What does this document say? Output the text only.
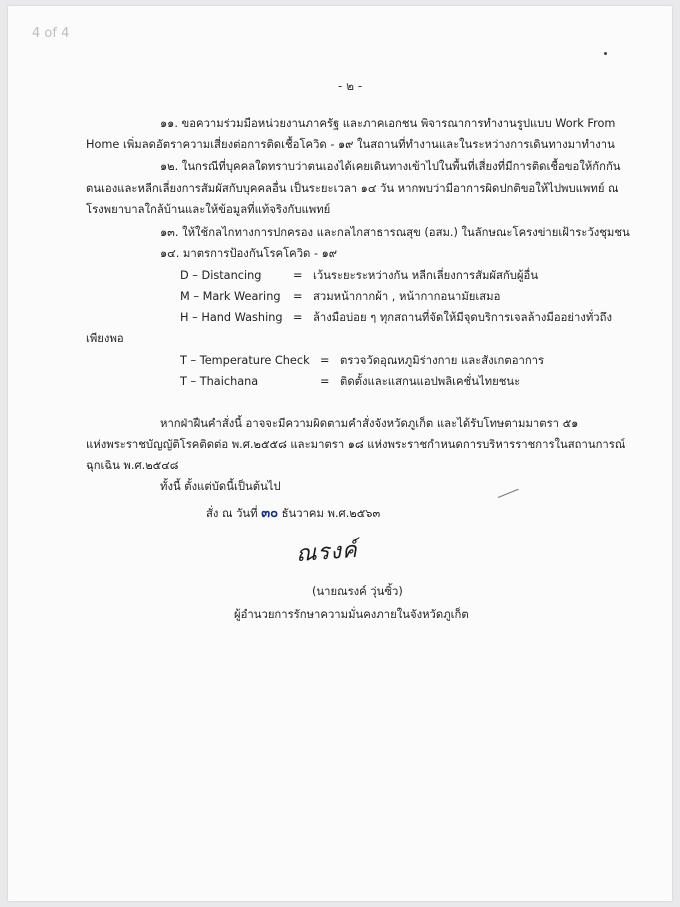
4 of 4
- ๒ -
๑๑. ขอความร่วมมือหน่วยงานภาครัฐ และภาคเอกชน พิจารณาการทำงานรูปแบบ Work From
Home เพิ่มลดอัตราความเสี่ยงต่อการติดเชื้อโควิด - ๑๙ ในสถานที่ทำงานและในระหว่างการเดินทางมาทำงาน
๑๒. ในกรณีที่บุคคลใดทราบว่าตนเองได้เคยเดินทางเข้าไปในพื้นที่เสี่ยงที่มีการติดเชื้อขอให้กักกัน
ตนเองและหลีกเลี่ยงการสัมผัสกับบุคคลอื่น เป็นระยะเวลา ๑๔ วัน หากพบว่ามีอาการผิดปกติขอให้ไปพบแพทย์ ณ
โรงพยาบาลใกล้บ้านและให้ข้อมูลที่แท้จริงกับแพทย์
๑๓. ให้ใช้กลไกทางการปกครอง และกลไกสาธารณสุข (อสม.) ในลักษณะโครงข่ายเฝ้าระวังชุมชน
๑๔. มาตรการป้องกันโรคโควิด - ๑๙
D – Distancing	= เว้นระยะระหว่างกัน หลีกเลี่ยงการสัมผัสกับผู้อื่น
M – Mark Wearing = สวมหน้ากากผ้า , หน้ากากอนามัยเสมอ
H – Hand Washing = ล้างมือบ่อย ๆ ทุกสถานที่จัดให้มีจุดบริการเจลล้างมืออย่างทั่วถึง
เพียงพอ
T – Temperature Check = ตรวจวัดอุณหภูมิร่างกาย และสังเกตอาการ
T – Thaichana	= ติดตั้งและแสกนแอปพลิเคชั่นไทยชนะ
หากฝ่าฝืนคำสั่งนี้ อาจจะมีความผิดตามคำสั่งจังหวัดภูเก็ต และได้รับโทษตามมาตรา ๕๑
แห่งพระราชบัญญัติโรคติดต่อ พ.ศ.๒๕๕๘ และมาตรา ๑๘ แห่งพระราชกำหนดการบริหารราชการในสถานการณ์
ฉุกเฉิน พ.ศ.๒๕๔๘
ทั้งนี้ ตั้งแต่บัดนี้เป็นต้นไป
สั่ง ณ วันที่ ๓๐ ธันวาคม พ.ศ.๒๕๖๓
ณรงค์
(นายณรงค์ วุ่นซิ้ว)
ผู้อำนวยการรักษาความมั่นคงภายในจังหวัดภูเก็ต
